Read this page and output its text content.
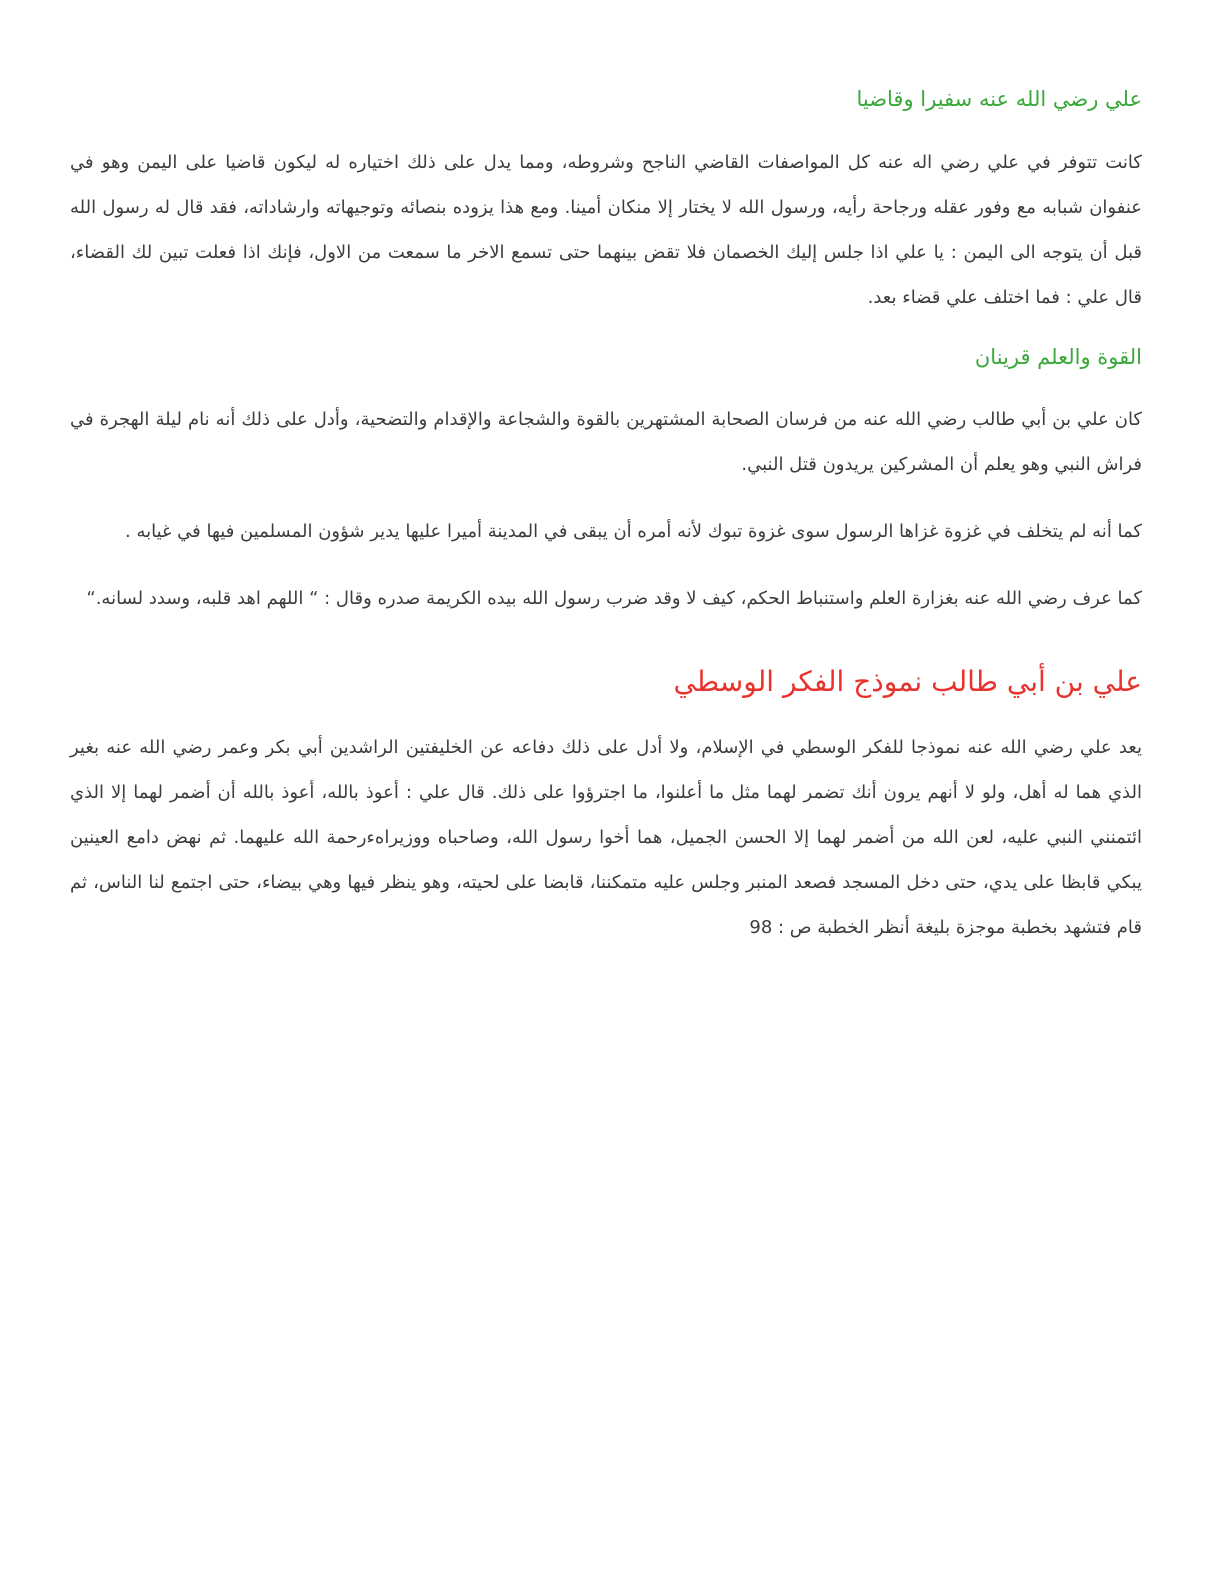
علي رضي الله عنه سفيرا وقاضيا

كانت تتوفر في علي رضي اله عنه كل المواصفات القاضي الناجح وشروطه، ومما يدل على ذلك اختياره له ليكون قاضيا على اليمن وهو في عنفوان شبابه مع وفور عقله ورجاحة رأيه، ورسول الله لا يختار إلا منكان أمينا. ومع هذا يزوده بنصائه وتوجيهاته وارشاداته، فقد قال له رسول الله قبل أن يتوجه الى اليمن : يا علي اذا جلس إليك الخصمان فلا تقض بينهما حتى تسمع الاخر ما سمعت من الاول، فإنك اذا فعلت تبين لك القضاء، قال علي : فما اختلف علي قضاء بعد.

القوة والعلم قرينان

كان علي بن أبي طالب رضي الله عنه من فرسان الصحابة المشتهرين بالقوة والشجاعة والإقدام والتضحية، وأدل على ذلك أنه نام ليلة الهجرة في فراش النبي وهو يعلم أن المشركين يريدون قتل النبي.

كما أنه لم يتخلف في غزوة غزاها الرسول سوى غزوة تبوك لأنه أمره أن يبقى في المدينة أميرا عليها يدير شؤون المسلمين فيها في غيابه .

كما عرف رضي الله عنه بغزارة العلم واستنباط الحكم، كيف لا وقد ضرب رسول الله بيده الكريمة صدره وقال : “ اللهم اهد قلبه، وسدد لسانه.“

علي بن أبي طالب نموذج الفكر الوسطي

يعد علي رضي الله عنه نموذجا للفكر الوسطي في الإسلام، ولا أدل على ذلك دفاعه عن الخليفتين الراشدين أبي بكر وعمر رضي الله عنه بغير الذي هما له أهل، ولو لا أنهم يرون أنك تضمر لهما مثل ما أعلنوا، ما اجترؤوا على ذلك. قال علي : أعوذ بالله، أعوذ بالله أن أضمر لهما إلا الذي ائتمنني النبي عليه، لعن الله من أضمر لهما إلا الحسن الجميل، هما أخوا رسول الله، وصاحباه ووزيراهءرحمة الله عليهما. ثم نهض دامع العينين يبكي قابظا على يدي، حتى دخل المسجد فصعد المنبر وجلس عليه متمكننا، قابضا على لحيته، وهو ينظر فيها وهي بيضاء، حتى اجتمع لنا الناس، ثم قام فتشهد بخطبة موجزة بليغة أنظر الخطبة ص : 98
